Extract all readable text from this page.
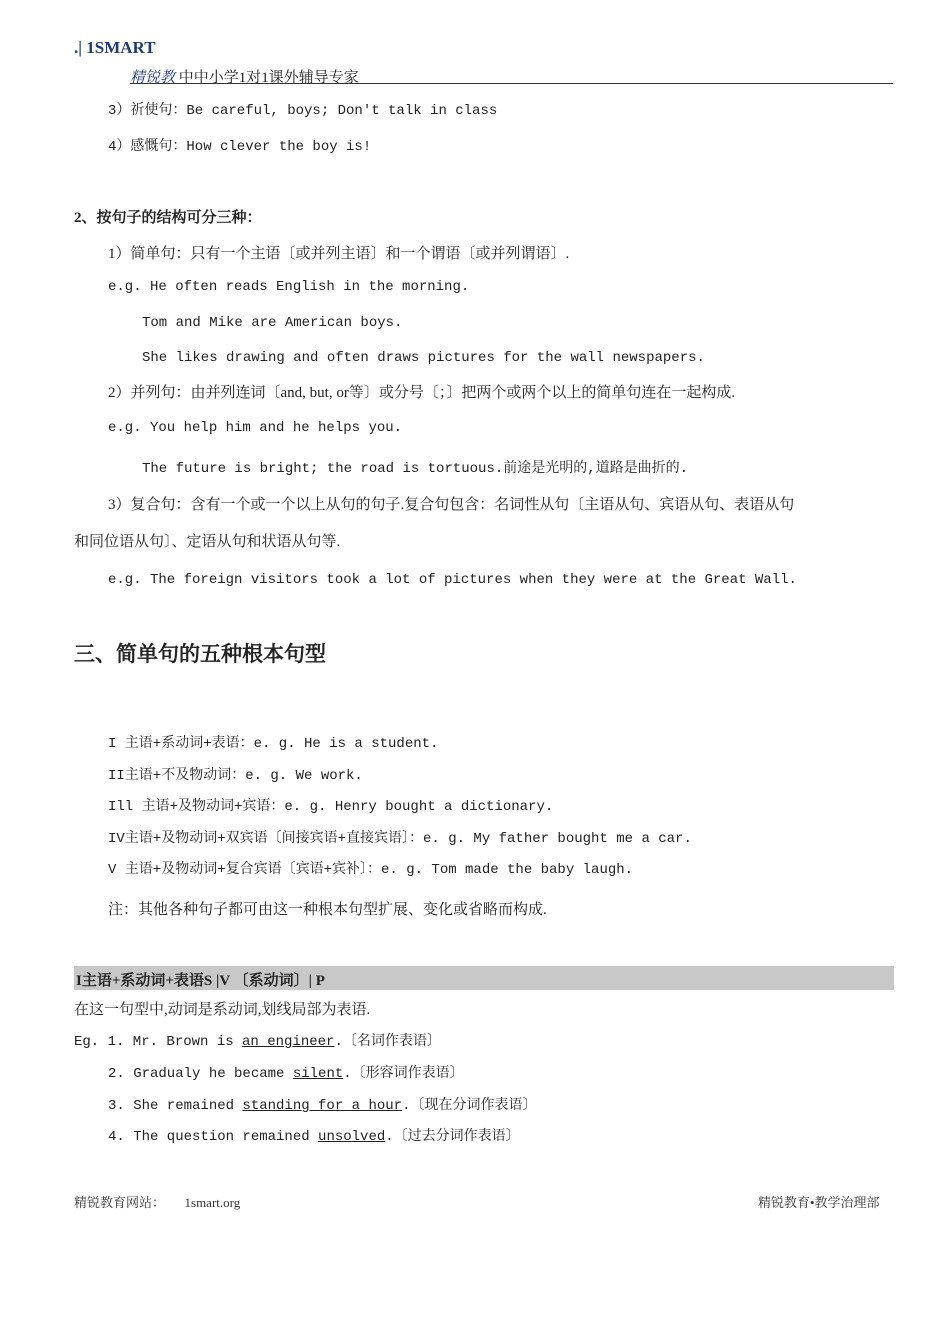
.| 1SMART
精锐教 中中小学1对1课外辅导专家
3）祈使句：Be careful, boys; Don't talk in class
4）感慨句：How clever the boy is!
2、按句子的结构可分三种：
1）简单句：只有一个主语〔或并列主语〕和一个谓语〔或并列谓语〕.
e.g. He often reads English in the morning.
Tom and Mike are American boys.
She likes drawing and often draws pictures for the wall newspapers.
2）并列句：由并列连词〔and, but, or等〕或分号〔；〕把两个或两个以上的简单句连在一起构成.
e.g. You help him and he helps you.
The future is bright; the road is tortuous.前途是光明的,道路是曲折的.
3）复合句：含有一个或一个以上从句的句子.复合句包含：名词性从句〔主语从句、宾语从句、表语从句
和同位语从句〕、定语从句和状语从句等.
e.g. The foreign visitors took a lot of pictures when they were at the Great Wall.
三、简单句的五种根本句型
I 主语+系动词+表语：e. g. He is a student.
II主语+不及物动词：e. g. We work.
Ill 主语+及物动词+宾语：e. g. Henry bought a dictionary.
IV主语+及物动词+双宾语〔间接宾语+直接宾语〕：e. g. My father bought me a car.
V 主语+及物动词+复合宾语〔宾语+宾补〕：e. g. Tom made the baby laugh.
注：其他各种句子都可由这一种根本句型扩展、变化或省略而构成.
I主语+系动词+表语S |V 〔系动词〕| P
在这一句型中,动词是系动词,划线局部为表语.
Eg. 1. Mr. Brown is an engineer.〔名词作表语〕
2. Gradualy he became silent.〔形容词作表语〕
3. She remained standing for a hour.〔现在分词作表语〕
4. The question remained unsolved.〔过去分词作表语〕
精锐教育网站： 1smart.org	精锐教育•教学治理部
